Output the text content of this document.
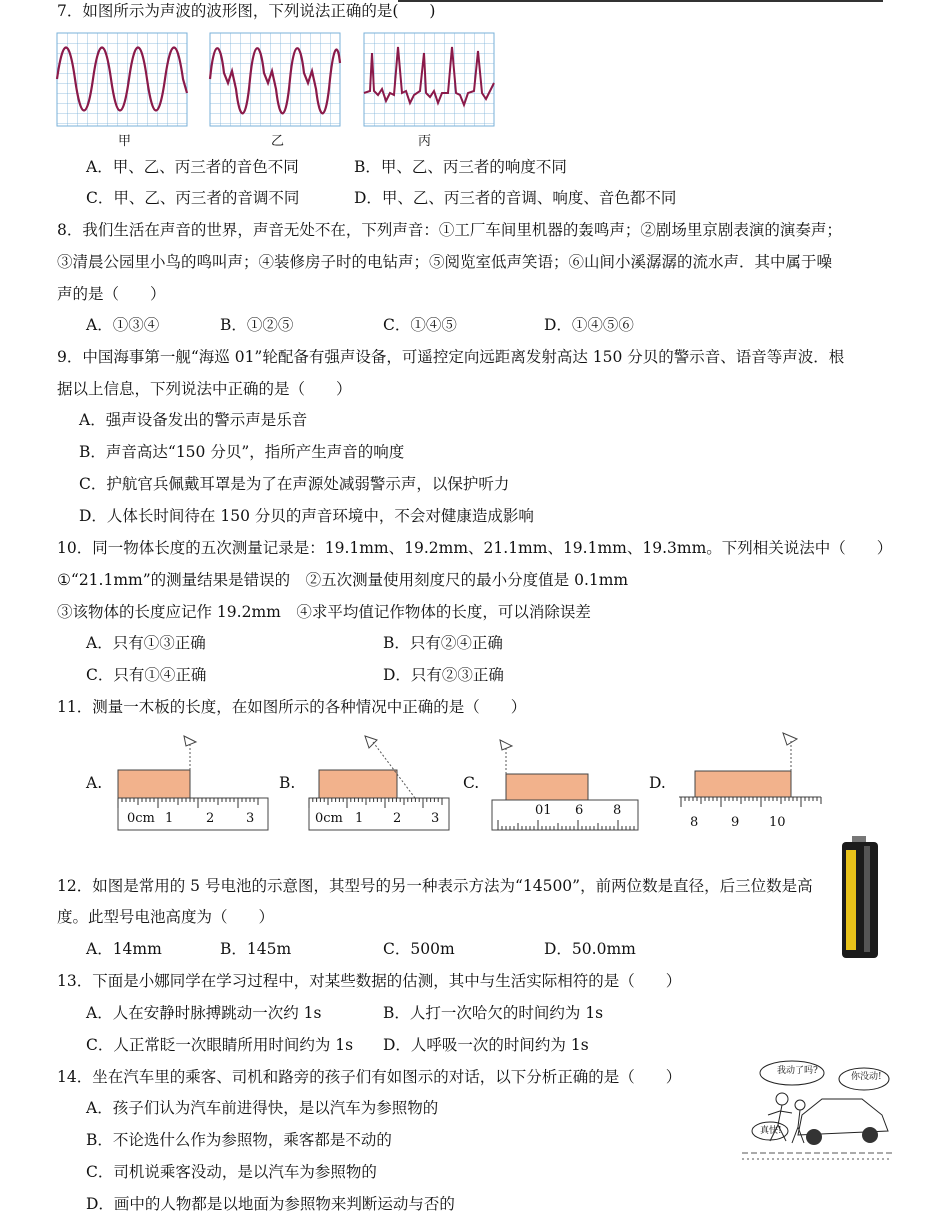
7．如图所示为声波的波形图，下列说法正确的是(　　)
甲	乙	丙
A．甲、乙、丙三者的音色不同	B．甲、乙、丙三者的响度不同
C．甲、乙、丙三者的音调不同	D．甲、乙、丙三者的音调、响度、音色都不同
8．我们生活在声音的世界，声音无处不在，下列声音：①工厂车间里机器的轰鸣声；②剧场里京剧表演的演奏声；
③清晨公园里小鸟的鸣叫声；④装修房子时的电钻声；⑤阅览室低声笑语；⑥山间小溪潺潺的流水声．其中属于噪
声的是（　　）
A．①③④	B．①②⑤	C．①④⑤	D．①④⑤⑥
9．中国海事第一舰“海巡 01”轮配备有强声设备，可遥控定向远距离发射高达 150 分贝的警示音、语音等声波．根
据以上信息，下列说法中正确的是（　　）
A．强声设备发出的警示声是乐音
B．声音高达“150 分贝”，指所产生声音的响度
C．护航官兵佩戴耳罩是为了在声源处减弱警示声，以保护听力
D．人体长时间待在 150 分贝的声音环境中，不会对健康造成影响
10．同一物体长度的五次测量记录是：19.1mm、19.2mm、21.1mm、19.1mm、19.3mm。下列相关说法中（　　）
①“21.1mm”的测量结果是错误的　②五次测量使用刻度尺的最小分度值是 0.1mm
③该物体的长度应记作 19.2mm　④求平均值记作物体的长度，可以消除误差
A．只有①③正确	B．只有②④正确
C．只有①④正确	D．只有②③正确
11．测量一木板的长度，在如图所示的各种情况中正确的是（　　）
A.
0cm 1	2 3
B.
0cm 1 2 3
C.
01 6 8
D.
8	9 10
12．如图是常用的 5 号电池的示意图，其型号的另一种表示方法为“14500”，前两位数是直径，后三位数是高
度。此型号电池高度为（　　）
A．14mm	B．145m	C．500m	D．50.0mm
13．下面是小娜同学在学习过程中，对某些数据的估测，其中与生活实际相符的是（　　）
A．人在安静时脉搏跳动一次约 1s	B．人打一次哈欠的时间约为 1s
C．人正常眨一次眼睛所用时间约为 1s D．人呼吸一次的时间约为 1s
14．坐在汽车里的乘客、司机和路旁的孩子们有如图示的对话，以下分析正确的是（　　）
A．孩子们认为汽车前进得快，是以汽车为参照物的
B．不论选什么作为参照物，乘客都是不动的
C．司机说乘客没动，是以汽车为参照物的
D．画中的人物都是以地面为参照物来判断运动与否的
我动了吗?
你没动!
真快!
